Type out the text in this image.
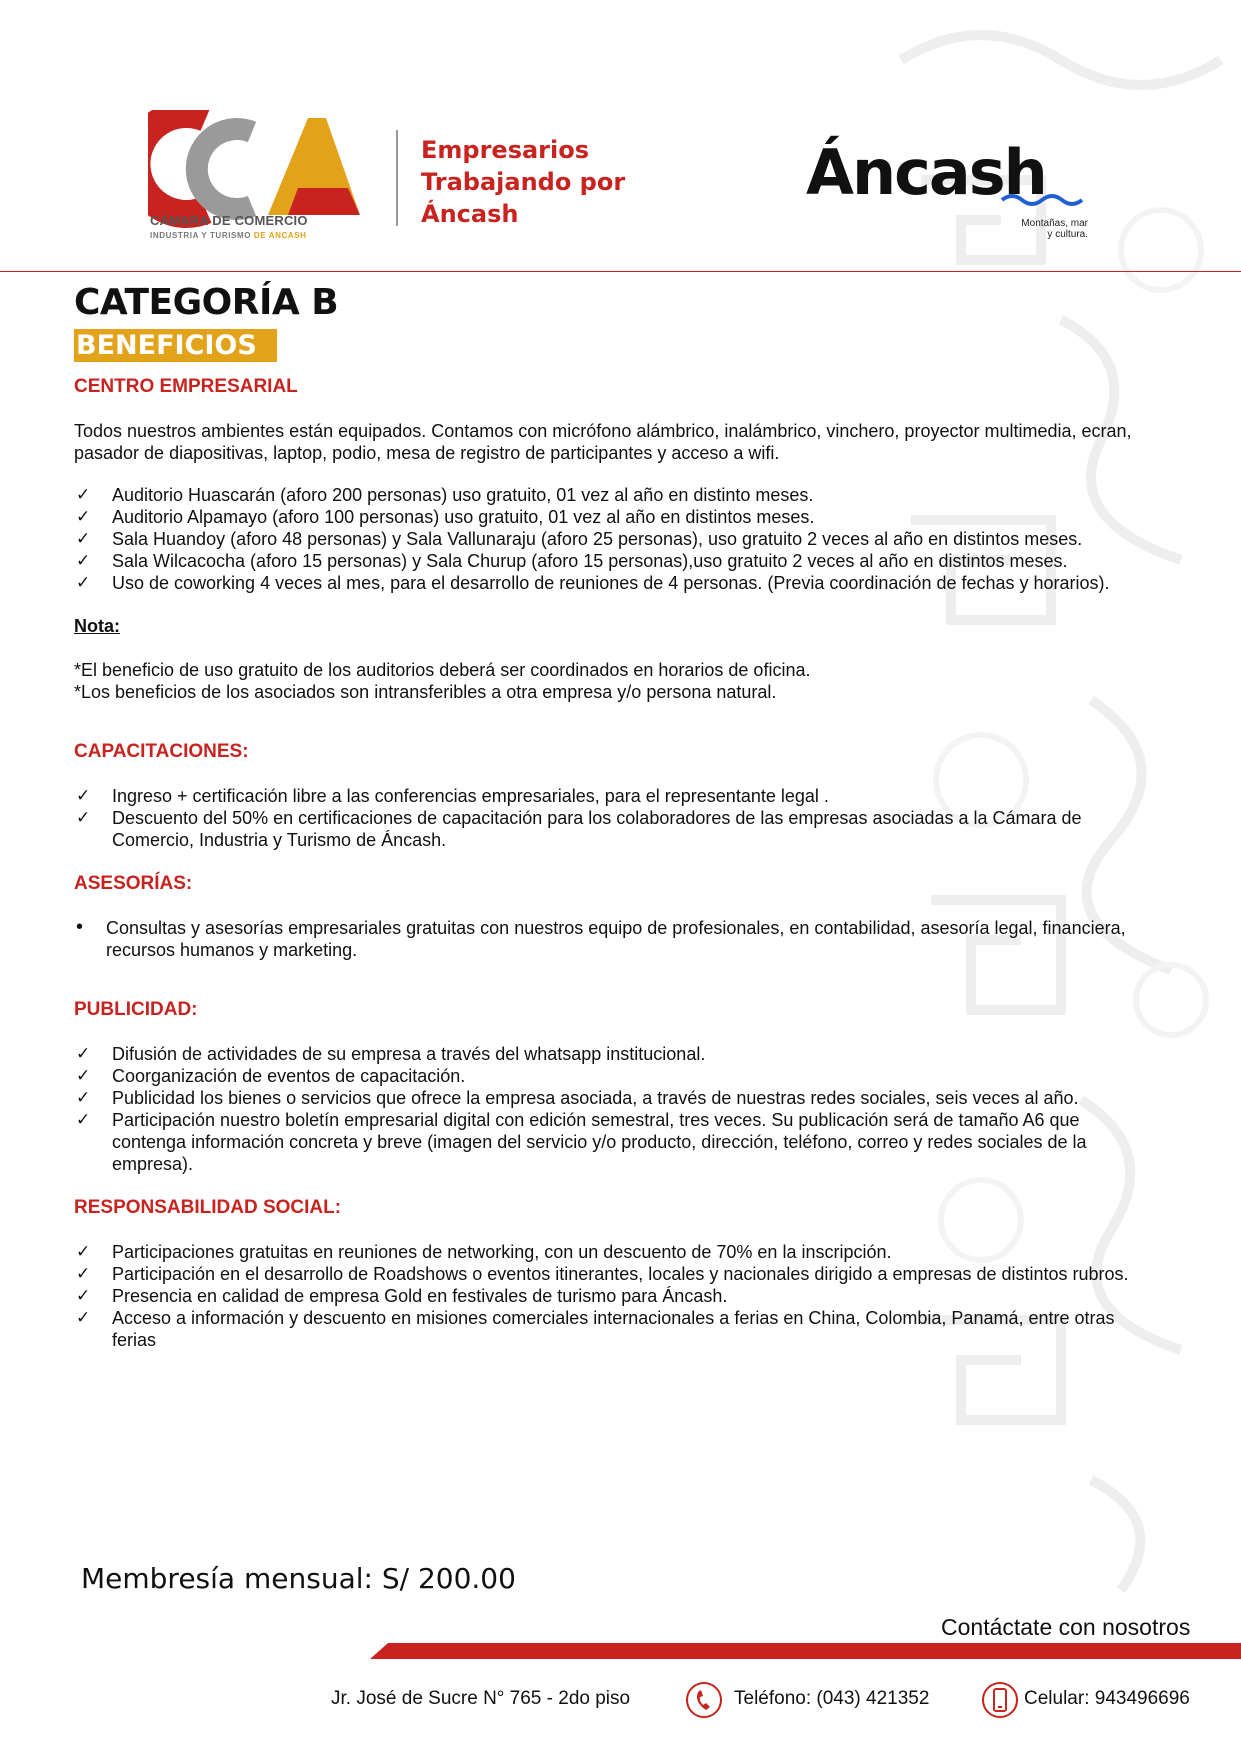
CÁMARA DE COMERCIO
INDUSTRIA Y TURISMO DE ANCASH
Empresarios
Trabajando por
Áncash
Áncash
Montañas, mar
y cultura.
CATEGORÍA B
BENEFICIOS

CENTRO EMPRESARIAL

Todos nuestros ambientes están equipados. Contamos con micrófono alámbrico, inalámbrico, vinchero, proyector multimedia, ecran, pasador de diapositivas, laptop, podio, mesa de registro de participantes y acceso a wifi.

✓ Auditorio Huascarán (aforo 200 personas) uso gratuito, 01 vez al año en distinto meses.
✓ Auditorio Alpamayo (aforo 100 personas) uso gratuito, 01 vez al año en distintos meses.
✓ Sala Huandoy (aforo 48 personas) y Sala Vallunaraju (aforo 25 personas), uso gratuito 2 veces al año en distintos meses.
✓ Sala Wilcacocha (aforo 15 personas) y Sala Churup (aforo 15 personas),uso gratuito 2 veces al año en distintos meses.
✓ Uso de coworking 4 veces al mes, para el desarrollo de reuniones de 4 personas. (Previa coordinación de fechas y horarios).

Nota:

*El beneficio de uso gratuito de los auditorios deberá ser coordinados en horarios de oficina.

*Los beneficios de los asociados son intransferibles a otra empresa y/o persona natural.

CAPACITACIONES:

✓ Ingreso + certificación libre a las conferencias empresariales, para el representante legal .
✓ Descuento del 50% en certificaciones de capacitación para los colaboradores de las empresas asociadas a la Cámara de Comercio, Industria y Turismo de Áncash.

ASESORÍAS:

• Consultas y asesorías empresariales gratuitas con nuestros equipo de profesionales, en contabilidad, asesoría legal, financiera, recursos humanos y marketing.

PUBLICIDAD:

✓ Difusión de actividades de su empresa a través del whatsapp institucional.
✓ Coorganización de eventos de capacitación.
✓ Publicidad los bienes o servicios que ofrece la empresa asociada, a través de nuestras redes sociales, seis veces al año.
✓ Participación nuestro boletín empresarial digital con edición semestral, tres veces. Su publicación será de tamaño A6 que contenga información concreta y breve (imagen del servicio y/o producto, dirección, teléfono, correo y redes sociales de la empresa).

RESPONSABILIDAD SOCIAL:

✓ Participaciones gratuitas en reuniones de networking, con un descuento de 70% en la inscripción.
✓ Participación en el desarrollo de Roadshows o eventos itinerantes, locales y nacionales dirigido a empresas de distintos rubros.
✓ Presencia en calidad de empresa Gold en festivales de turismo para Áncash.
✓ Acceso a información y descuento en misiones comerciales internacionales a ferias en China, Colombia, Panamá, entre otras ferias
Membresía mensual: S/ 200.00
Contáctate con nosotros
Jr. José de Sucre N° 765 - 2do piso	Teléfono: (043) 421352	Celular: 943496696
